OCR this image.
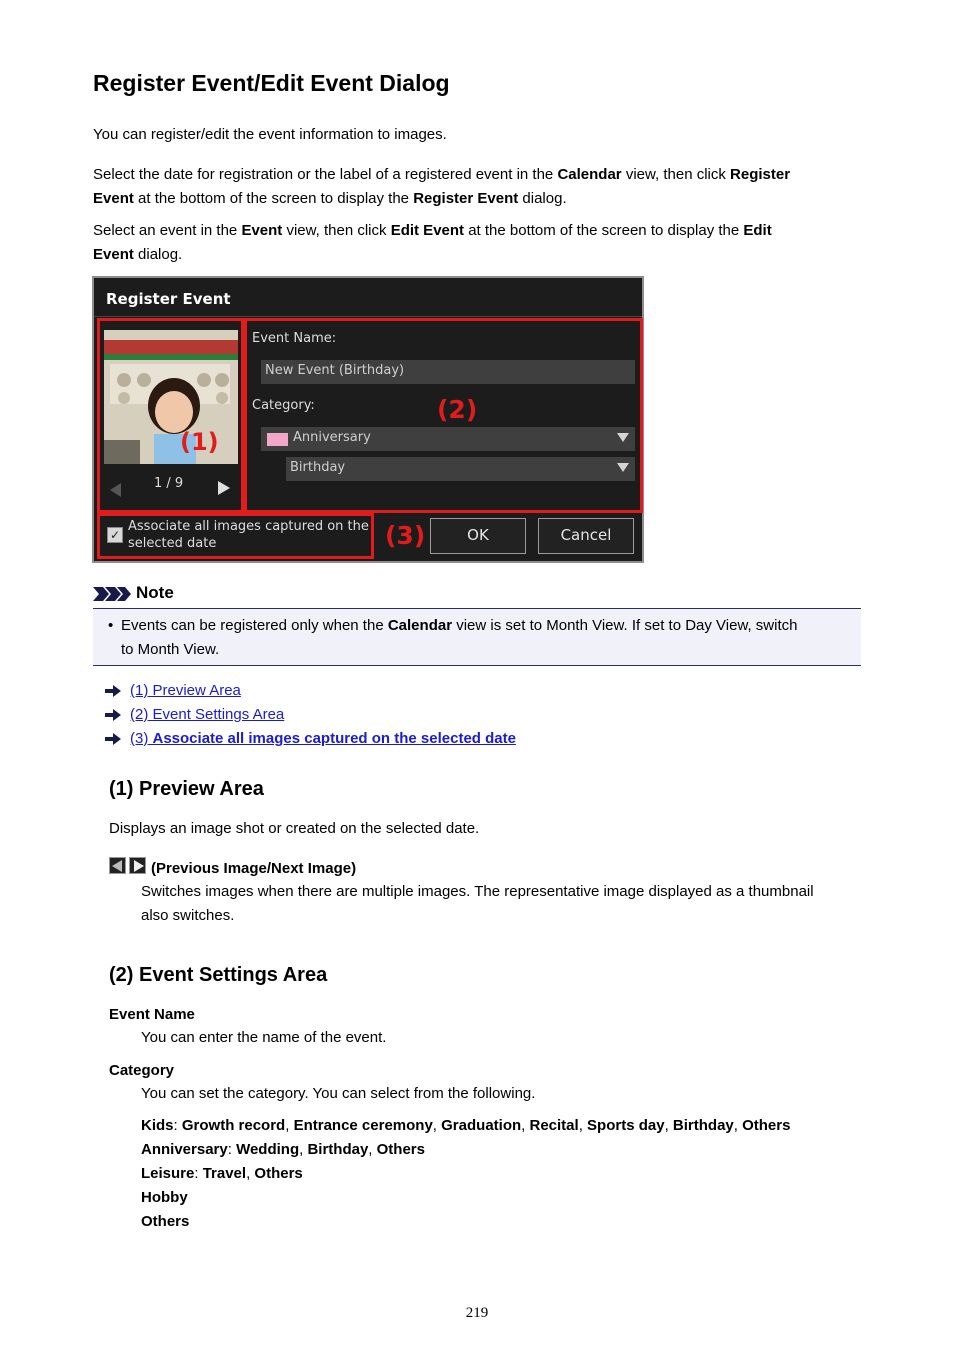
Register Event/Edit Event Dialog

You can register/edit the event information to images.

Select the date for registration or the label of a registered event in the Calendar view, then click Register
Event at the bottom of the screen to display the Register Event dialog.

Select an event in the Event view, then click Edit Event at the bottom of the screen to display the Edit
Event dialog.

Register Event
(1)
1 / 9
Event Name:
New Event (Birthday)
Category:	(2)
Anniversary
Birthday
✓
Associate all images captured on the
selected date	(3)	OK	Cancel
Note
• Events can be registered only when the Calendar view is set to Month View. If set to Day View, switch
to Month View.
(1) Preview Area
(2) Event Settings Area
(3) Associate all images captured on the selected date
(1) Preview Area
Displays an image shot or created on the selected date.
(Previous Image/Next Image)
Switches images when there are multiple images. The representative image displayed as a thumbnail
also switches.
(2) Event Settings Area
Event Name
You can enter the name of the event.
Category
You can set the category. You can select from the following.
Kids: Growth record, Entrance ceremony, Graduation, Recital, Sports day, Birthday, Others
Anniversary: Wedding, Birthday, Others
Leisure: Travel, Others
Hobby
Others
219
